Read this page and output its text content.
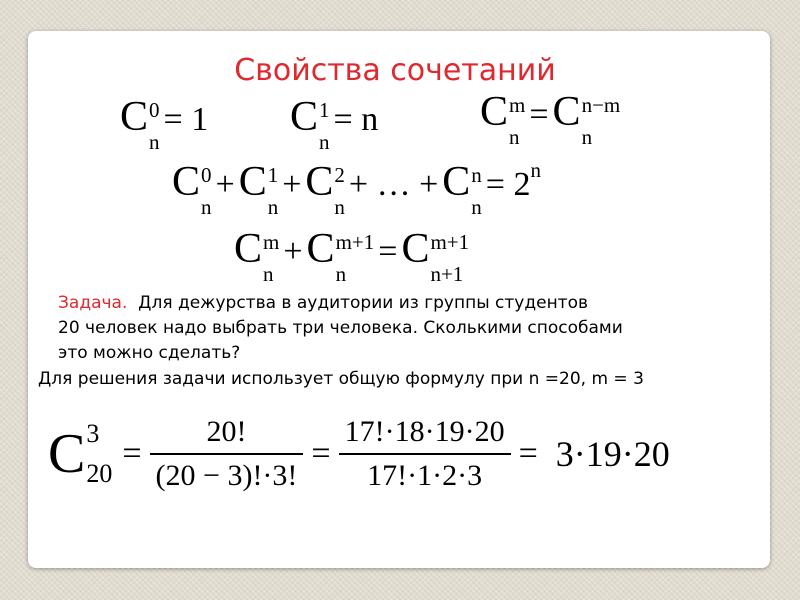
Свойства сочетаний
C 0
n
= 1 C 1
n
= n C m
n
= C n−m
n
C 0
n
+ C 1
n
+ C 2
n
+ … + C n
n
= 2n
C m
n
+ C m+1
n
= C m+1
n+1
Задача. Для дежурства в аудитории из группы студентов
20 человек надо выбрать три человека. Сколькими способами
это можно сделать?
Для решения задачи использует общую формулу при n =20, m = 3
C 3
20
= $\frac{20!}{(20 - 3)!\cdot 3!} = \frac{17!\cdot 18\cdot 19\cdot 20}{17!\cdot 1\cdot 2\cdot 3} = 3\cdot 19\cdot 20$
